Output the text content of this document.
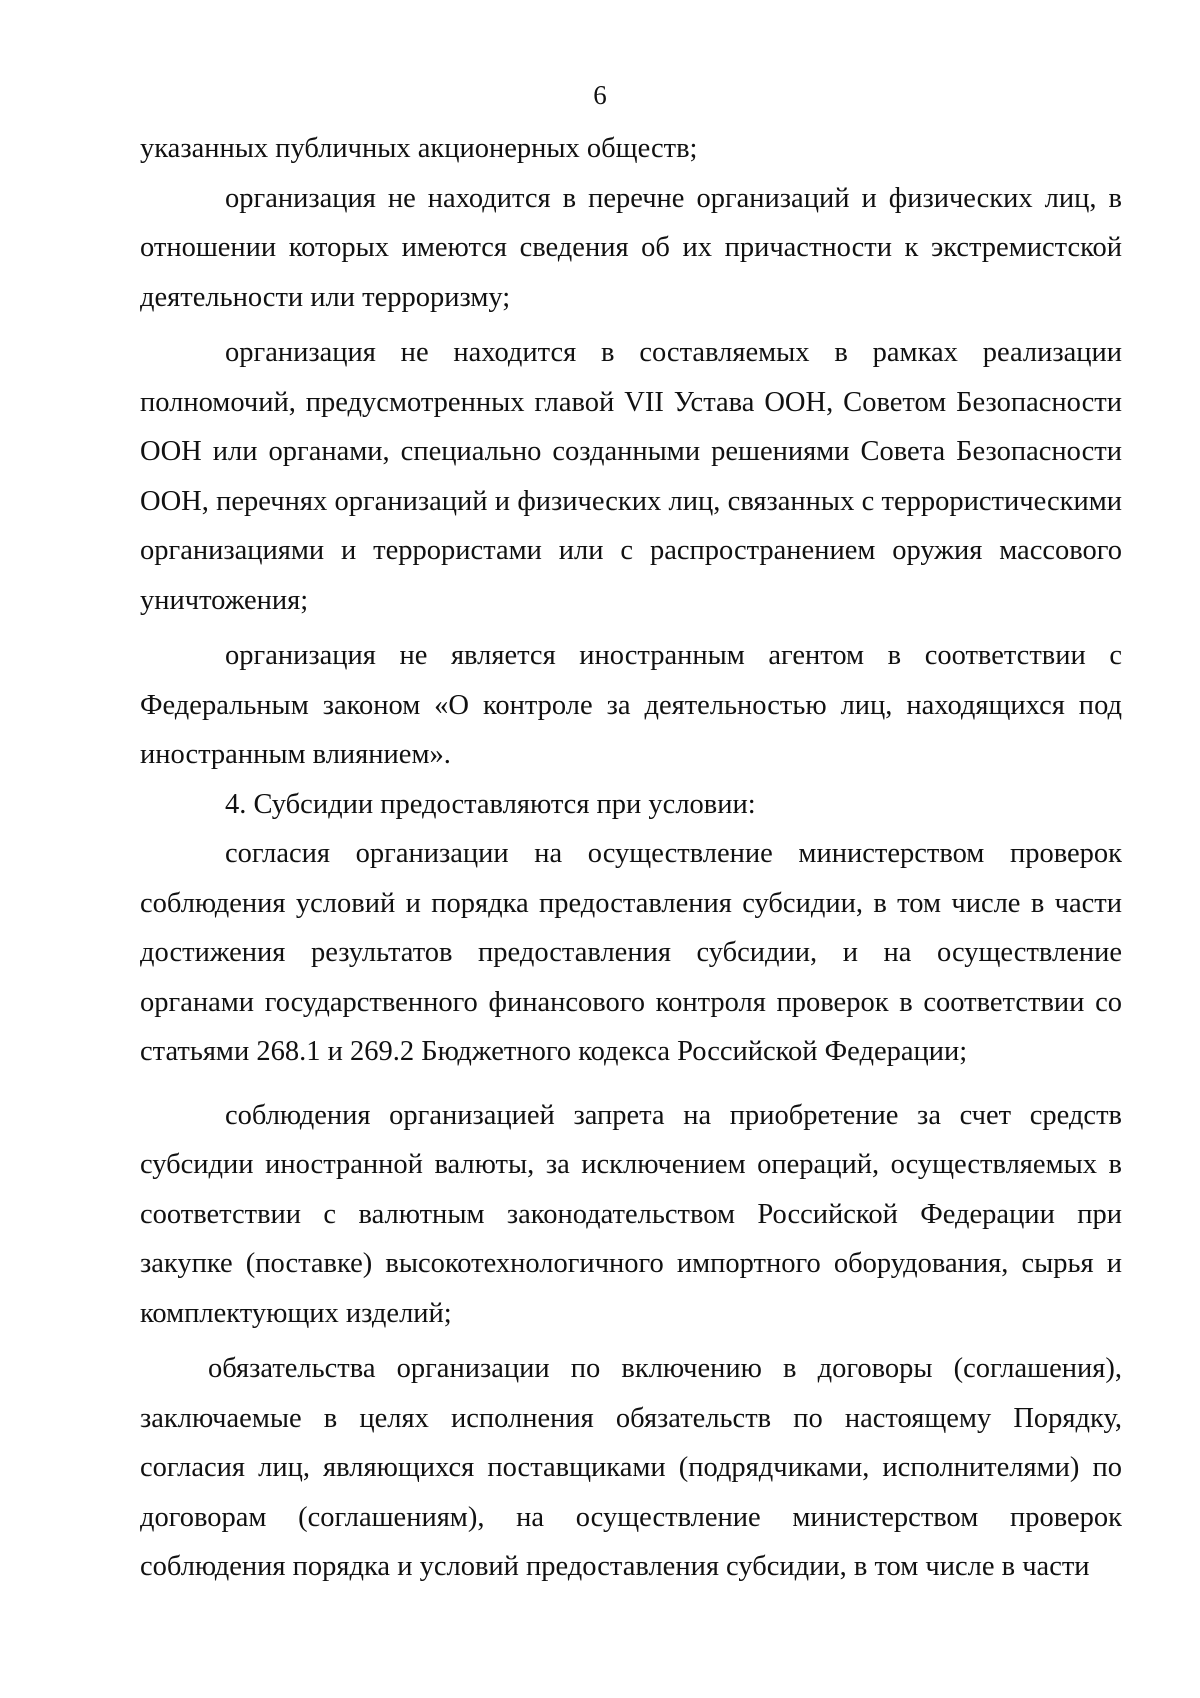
6

указанных публичных акционерных обществ;

организация не находится в перечне организаций и физических лиц, в отношении которых имеются сведения об их причастности к экстремистской деятельности или терроризму;

организация не находится в составляемых в рамках реализации полномочий, предусмотренных главой VII Устава ООН, Советом Безопасности ООН или органами, специально созданными решениями Совета Безопасности ООН, перечнях организаций и физических лиц, связанных с террористическими организациями и террористами или с распространением оружия массового уничтожения;

организация не является иностранным агентом в соответствии с Федеральным законом «О контроле за деятельностью лиц, находящихся под иностранным влиянием».

4. Субсидии предоставляются при условии:

согласия организации на осуществление министерством проверок соблюдения условий и порядка предоставления субсидии, в том числе в части достижения результатов предоставления субсидии, и на осуществление органами государственного финансового контроля проверок в соответствии со статьями 268.1 и 269.2 Бюджетного кодекса Российской Федерации;

соблюдения организацией запрета на приобретение за счет средств субсидии иностранной валюты, за исключением операций, осуществляемых в соответствии с валютным законодательством Российской Федерации при закупке (поставке) высокотехнологичного импортного оборудования, сырья и комплектующих изделий;

обязательства организации по включению в договоры (соглашения), заключаемые в целях исполнения обязательств по настоящему Порядку, согласия лиц, являющихся поставщиками (подрядчиками, исполнителями) по договорам (соглашениям), на осуществление министерством проверок соблюдения порядка и условий предоставления субсидии, в том числе в части
